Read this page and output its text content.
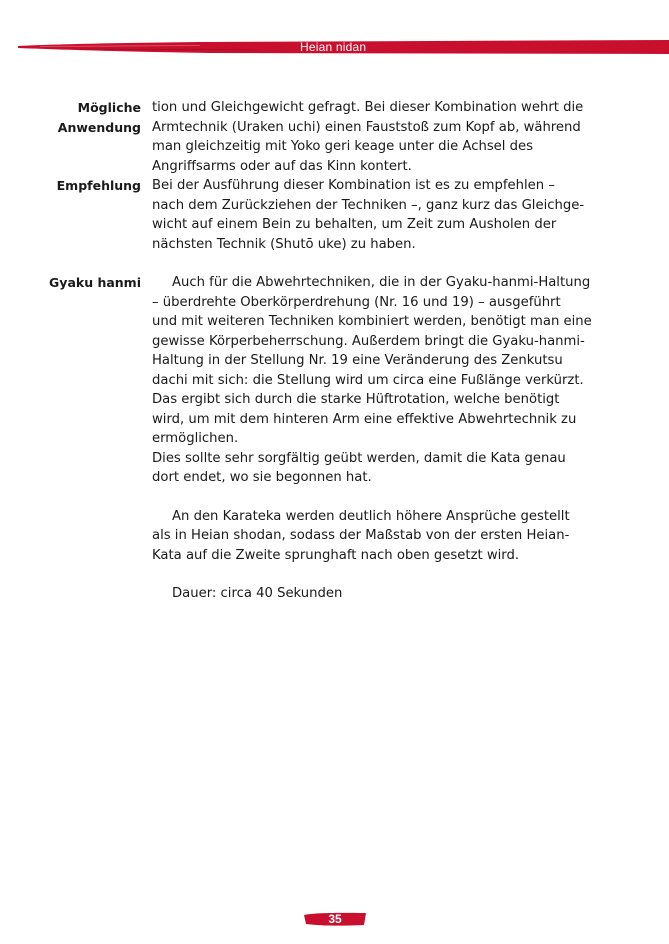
Heian nidan
Mögliche
Anwendung
Empfehlung
Gyaku hanmi
tion und Gleichgewicht gefragt. Bei dieser Kombination wehrt die
Armtechnik (Uraken uchi) einen Fauststoß zum Kopf ab, während
man gleichzeitig mit Yoko geri keage unter die Achsel des
Angriffsarms oder auf das Kinn kontert.
Bei der Ausführung dieser Kombination ist es zu empfehlen –
nach dem Zurückziehen der Techniken –, ganz kurz das Gleichge-
wicht auf einem Bein zu behalten, um Zeit zum Ausholen der
nächsten Technik (Shutō uke) zu haben.
Auch für die Abwehrtechniken, die in der Gyaku-hanmi-Haltung
– überdrehte Oberkörperdrehung (Nr. 16 und 19) – ausgeführt
und mit weiteren Techniken kombiniert werden, benötigt man eine
gewisse Körperbeherrschung. Außerdem bringt die Gyaku-hanmi-
Haltung in der Stellung Nr. 19 eine Veränderung des Zenkutsu
dachi mit sich: die Stellung wird um circa eine Fußlänge verkürzt.
Das ergibt sich durch die starke Hüftrotation, welche benötigt
wird, um mit dem hinteren Arm eine effektive Abwehrtechnik zu
ermöglichen.
Dies sollte sehr sorgfältig geübt werden, damit die Kata genau
dort endet, wo sie begonnen hat.
An den Karateka werden deutlich höhere Ansprüche gestellt
als in Heian shodan, sodass der Maßstab von der ersten Heian-
Kata auf die Zweite sprunghaft nach oben gesetzt wird.
Dauer: circa 40 Sekunden
35
